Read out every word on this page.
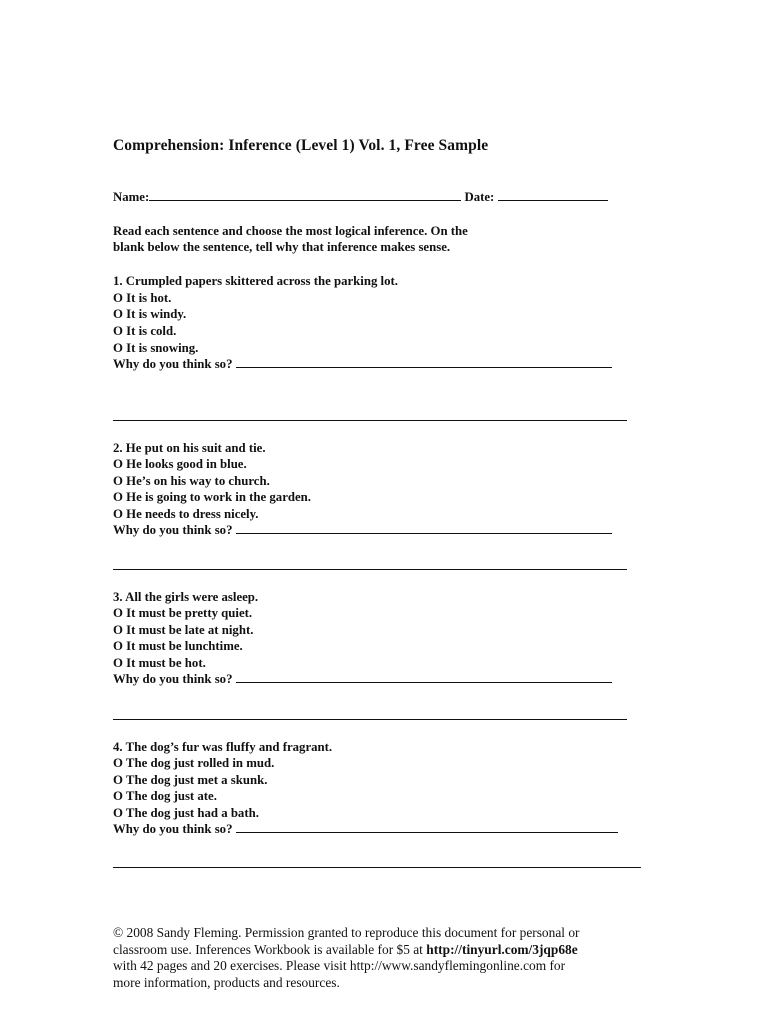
Comprehension: Inference (Level 1) Vol. 1, Free Sample
Name:	Date:
Read each sentence and choose the most logical inference. On the
blank below the sentence, tell why that inference makes sense.
1. Crumpled papers skittered across the parking lot.
O It is hot.
O It is windy.
O It is cold.
O It is snowing.
Why do you think so?
2. He put on his suit and tie.
O He looks good in blue.
O He’s on his way to church.
O He is going to work in the garden.
O He needs to dress nicely.
Why do you think so?
3. All the girls were asleep.
O It must be pretty quiet.
O It must be late at night.
O It must be lunchtime.
O It must be hot.
Why do you think so?
4. The dog’s fur was fluffy and fragrant.
O The dog just rolled in mud.
O The dog just met a skunk.
O The dog just ate.
O The dog just had a bath.
Why do you think so?
© 2008 Sandy Fleming. Permission granted to reproduce this document for personal or
classroom use. Inferences Workbook is available for $5 at http://tinyurl.com/3jqp68e
with 42 pages and 20 exercises. Please visit http://www.sandyflemingonline.com for
more information, products and resources.
